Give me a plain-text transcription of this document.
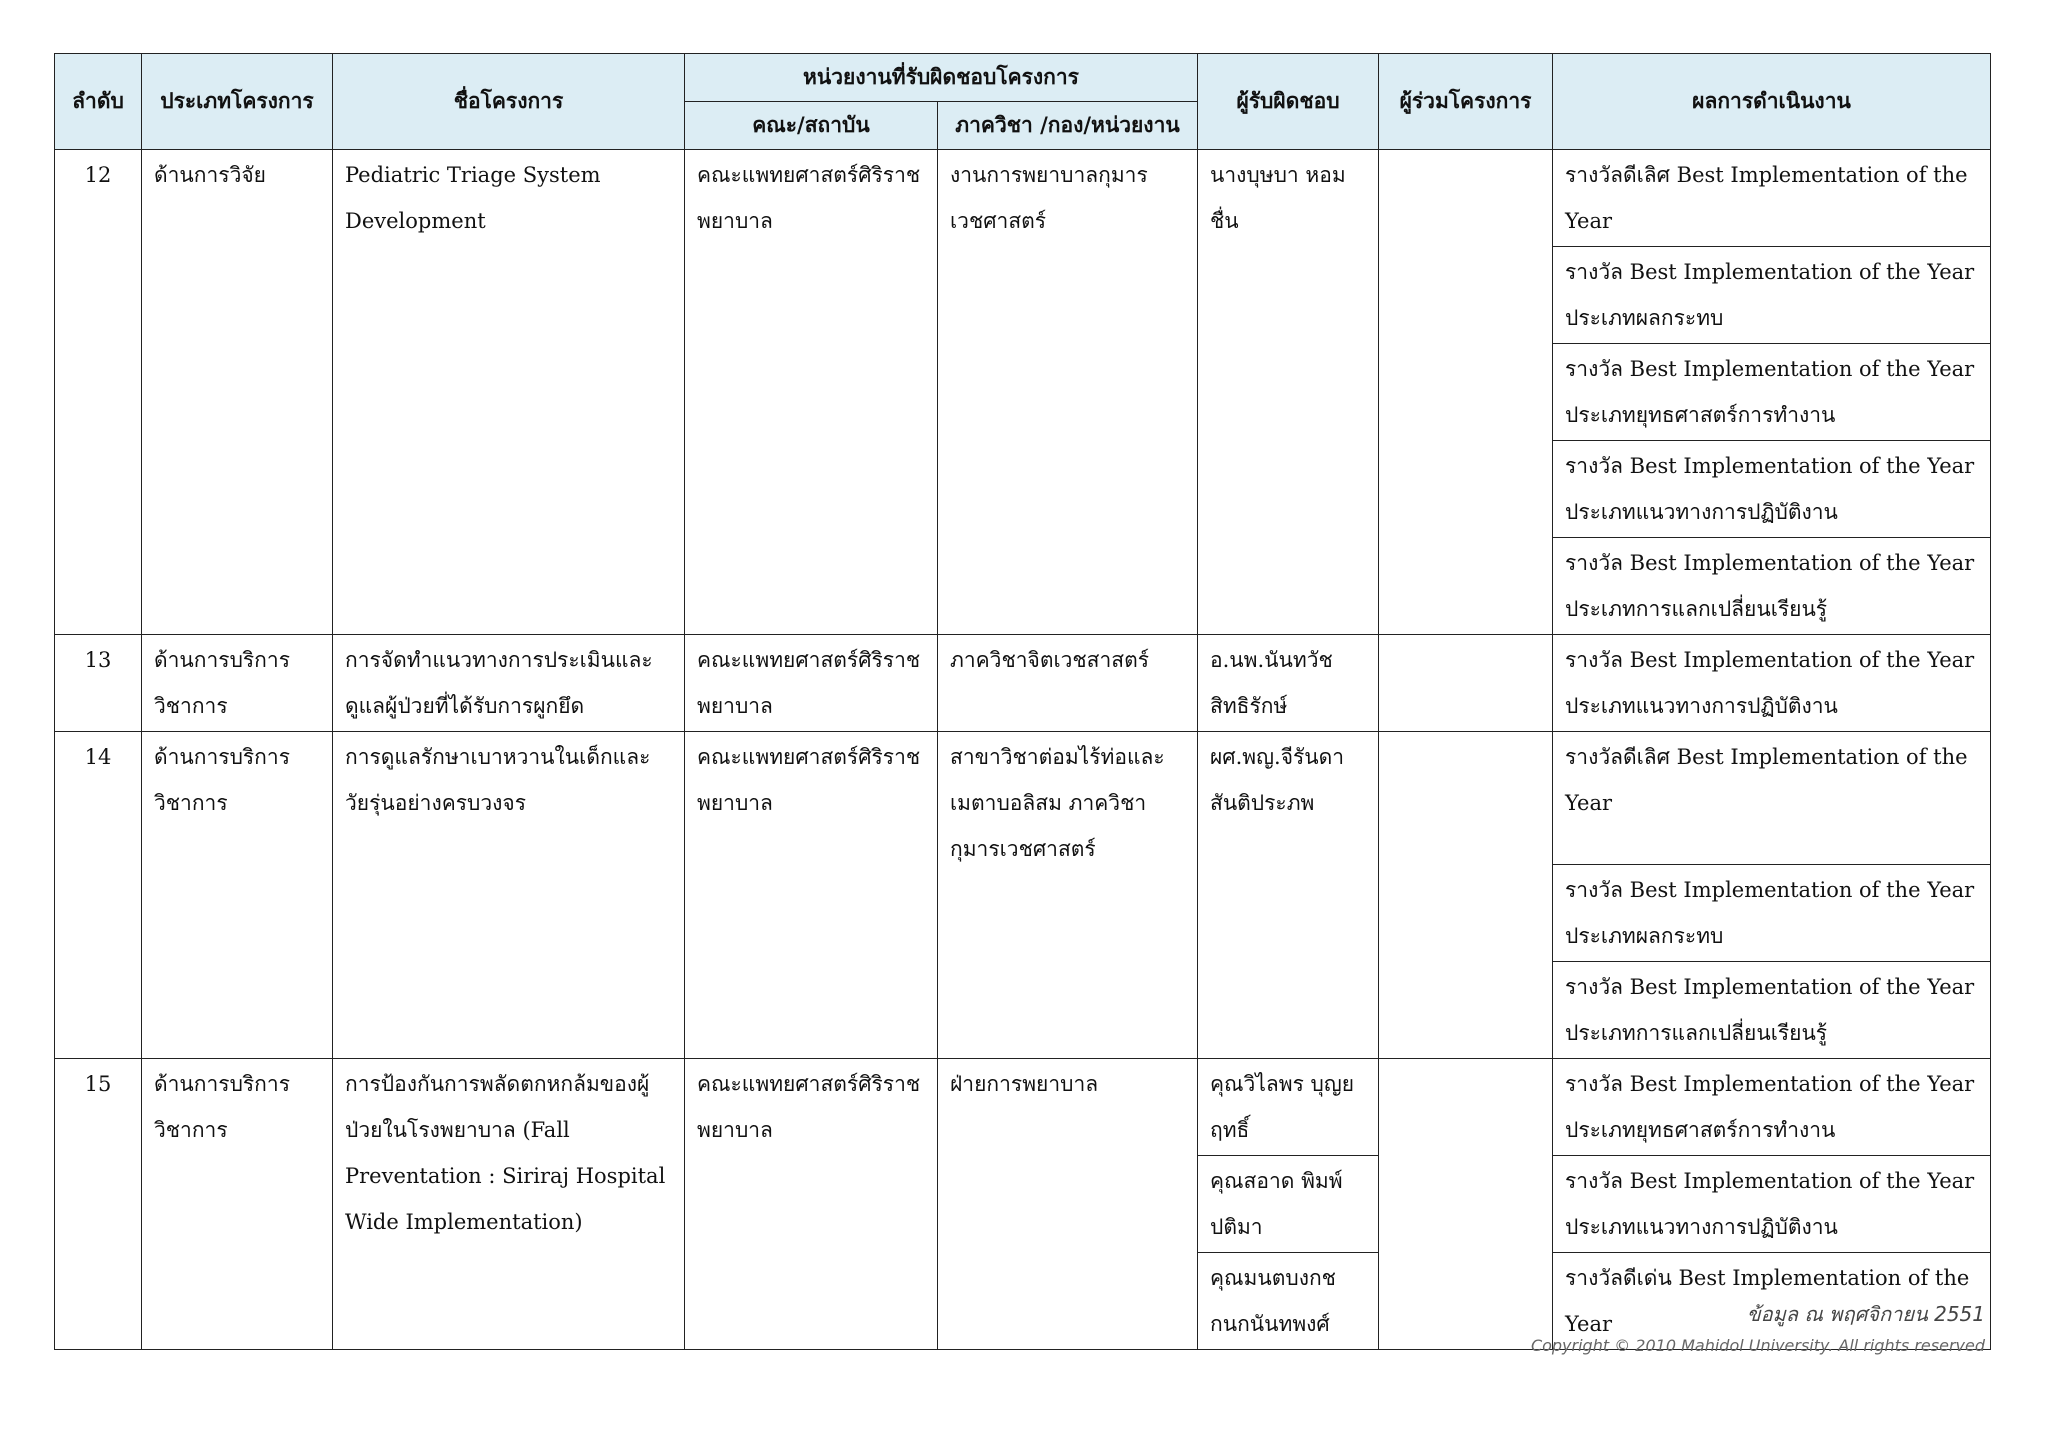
ลำดับ	ประเภทโครงการ	ชื่อโครงการ	หน่วยงานที่รับผิดชอบโครงการ		ผู้รับผิดชอบ	ผู้ร่วมโครงการ	ผลการดำเนินงาน
			คณะ/สถาบัน	ภาควิชา /กอง/หน่วยงาน			
12	ด้านการวิจัย	Pediatric Triage System Development	คณะแพทยศาสตร์ศิริราชพยาบาล	งานการพยาบาลกุมารเวชศาสตร์	นางบุษบา หอมชื่น		รางวัลดีเลิศ Best Implementation of the Year
							รางวัล Best Implementation of the Year ประเภทผลกระทบ
							รางวัล Best Implementation of the Year ประเภทยุทธศาสตร์การทำงาน
							รางวัล Best Implementation of the Year ประเภทแนวทางการปฏิบัติงาน
							รางวัล Best Implementation of the Year ประเภทการแลกเปลี่ยนเรียนรู้
13	ด้านการบริการวิชาการ	การจัดทำแนวทางการประเมินและดูแลผู้ป่วยที่ได้รับการผูกยึด	คณะแพทยศาสตร์ศิริราชพยาบาล	ภาควิชาจิตเวชสาสตร์	อ.นพ.นันทวัช สิทธิรักษ์		รางวัล Best Implementation of the Year ประเภทแนวทางการปฏิบัติงาน
14	ด้านการบริการวิชาการ	การดูแลรักษาเบาหวานในเด็กและวัยรุ่นอย่างครบวงจร	คณะแพทยศาสตร์ศิริราชพยาบาล	สาขาวิชาต่อมไร้ท่อและเมตาบอลิสม ภาควิชากุมารเวชศาสตร์	ผศ.พญ.จีรันดา สันติประภพ		รางวัลดีเลิศ Best Implementation of the Year
							รางวัล Best Implementation of the Year ประเภทผลกระทบ
							รางวัล Best Implementation of the Year ประเภทการแลกเปลี่ยนเรียนรู้
15	ด้านการบริการวิชาการ	การป้องกันการพลัดตกหกล้มของผู้ป่วยในโรงพยาบาล (Fall Preventation : Siriraj Hospital Wide Implementation)	คณะแพทยศาสตร์ศิริราชพยาบาล	ฝ่ายการพยาบาล	คุณวิไลพร บุญยฤทธิ์		รางวัล Best Implementation of the Year ประเภทยุทธศาสตร์การทำงาน
					คุณสอาด พิมพ์ปติมา		รางวัล Best Implementation of the Year ประเภทแนวทางการปฏิบัติงาน
					คุณมนตบงกช กนกนันทพงศ์		รางวัลดีเด่น Best Implementation of the Year	ข้อมูล ณ พฤศจิกายน 2551
Copyright © 2010 Mahidol University. All rights reserved
